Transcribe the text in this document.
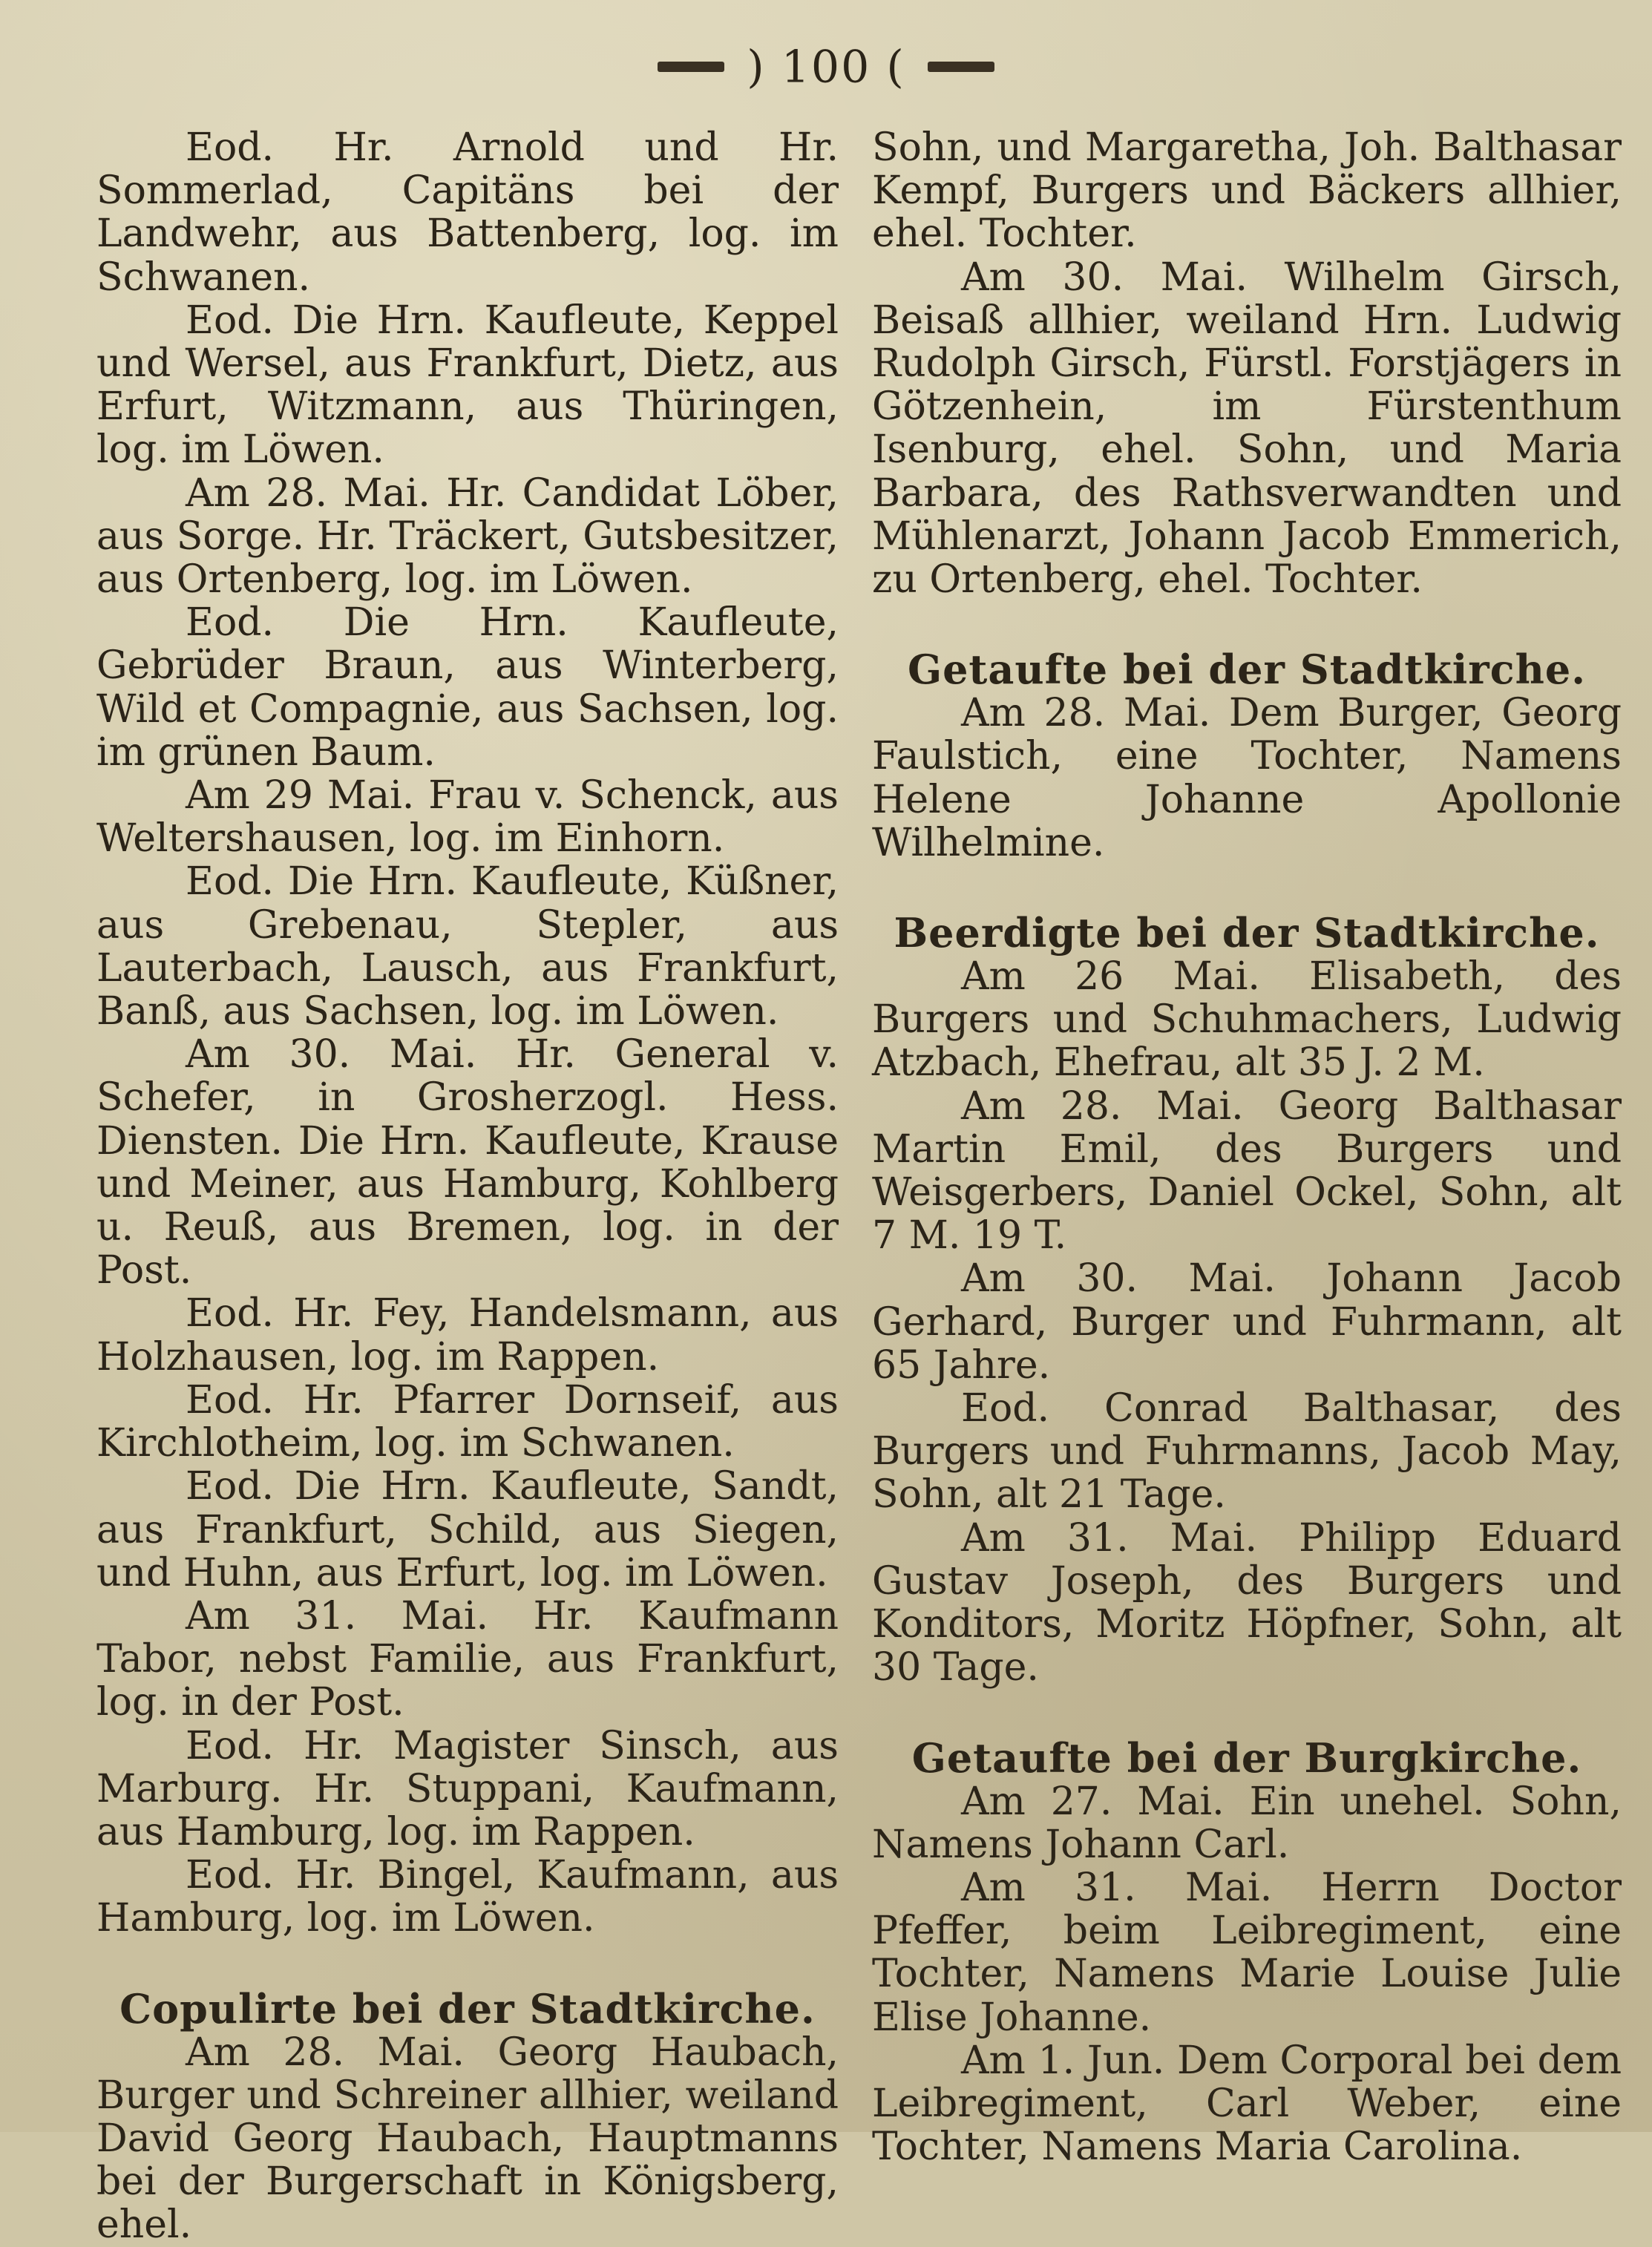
) 100 (

Eod. Hr. Arnold und Hr. Sommerlad, Capitäns bei der Landwehr, aus Battenberg, log. im Schwanen.

Eod. Die Hrn. Kaufleute, Keppel und Wersel, aus Frankfurt, Dietz, aus Erfurt, Witzmann, aus Thüringen, log. im Löwen.

Am 28. Mai. Hr. Candidat Löber, aus Sorge. Hr. Träckert, Gutsbesitzer, aus Ortenberg, log. im Löwen.

Eod. Die Hrn. Kaufleute, Gebrüder Braun, aus Winterberg, Wild et Compagnie, aus Sachsen, log. im grünen Baum.

Am 29 Mai. Frau v. Schenck, aus Weltershausen, log. im Einhorn.

Eod. Die Hrn. Kaufleute, Küßner, aus Grebenau, Stepler, aus Lauterbach, Lausch, aus Frankfurt, Banß, aus Sachsen, log. im Löwen.

Am 30. Mai. Hr. General v. Schefer, in Grosherzogl. Hess. Diensten. Die Hrn. Kaufleute, Krause und Meiner, aus Hamburg, Kohlberg u. Reuß, aus Bremen, log. in der Post.

Eod. Hr. Fey, Handelsmann, aus Holzhausen, log. im Rappen.

Eod. Hr. Pfarrer Dornseif, aus Kirchlotheim, log. im Schwanen.

Eod. Die Hrn. Kaufleute, Sandt, aus Frankfurt, Schild, aus Siegen, und Huhn, aus Erfurt, log. im Löwen.

Am 31. Mai. Hr. Kaufmann Tabor, nebst Familie, aus Frankfurt, log. in der Post.

Eod. Hr. Magister Sinsch, aus Marburg. Hr. Stuppani, Kaufmann, aus Hamburg, log. im Rappen.

Eod. Hr. Bingel, Kaufmann, aus Hamburg, log. im Löwen.

Copulirte bei der Stadtkirche.

Am 28. Mai. Georg Haubach, Burger und Schreiner allhier, weiland David Georg Haubach, Hauptmanns bei der Burgerschaft in Königsberg, ehel.

Sohn, und Margaretha, Joh. Balthasar Kempf, Burgers und Bäckers allhier, ehel. Tochter.

Am 30. Mai. Wilhelm Girsch, Beisaß allhier, weiland Hrn. Ludwig Rudolph Girsch, Fürstl. Forstjägers in Götzenhein, im Fürstenthum Isenburg, ehel. Sohn, und Maria Barbara, des Rathsverwandten und Mühlenarzt, Johann Jacob Emmerich, zu Ortenberg, ehel. Tochter.

Getaufte bei der Stadtkirche.

Am 28. Mai. Dem Burger, Georg Faulstich, eine Tochter, Namens Helene Johanne Apollonie Wilhelmine.

Beerdigte bei der Stadtkirche.

Am 26 Mai. Elisabeth, des Burgers und Schuhmachers, Ludwig Atzbach, Ehefrau, alt 35 J. 2 M.

Am 28. Mai. Georg Balthasar Martin Emil, des Burgers und Weisgerbers, Daniel Ockel, Sohn, alt 7 M. 19 T.

Am 30. Mai. Johann Jacob Gerhard, Burger und Fuhrmann, alt 65 Jahre.

Eod. Conrad Balthasar, des Burgers und Fuhrmanns, Jacob May, Sohn, alt 21 Tage.

Am 31. Mai. Philipp Eduard Gustav Joseph, des Burgers und Konditors, Moritz Höpfner, Sohn, alt 30 Tage.

Getaufte bei der Burgkirche.

Am 27. Mai. Ein unehel. Sohn, Namens Johann Carl.

Am 31. Mai. Herrn Doctor Pfeffer, beim Leibregiment, eine Tochter, Namens Marie Louise Julie Elise Johanne.

Am 1. Jun. Dem Corporal bei dem Leibregiment, Carl Weber, eine Tochter, Namens Maria Carolina.
